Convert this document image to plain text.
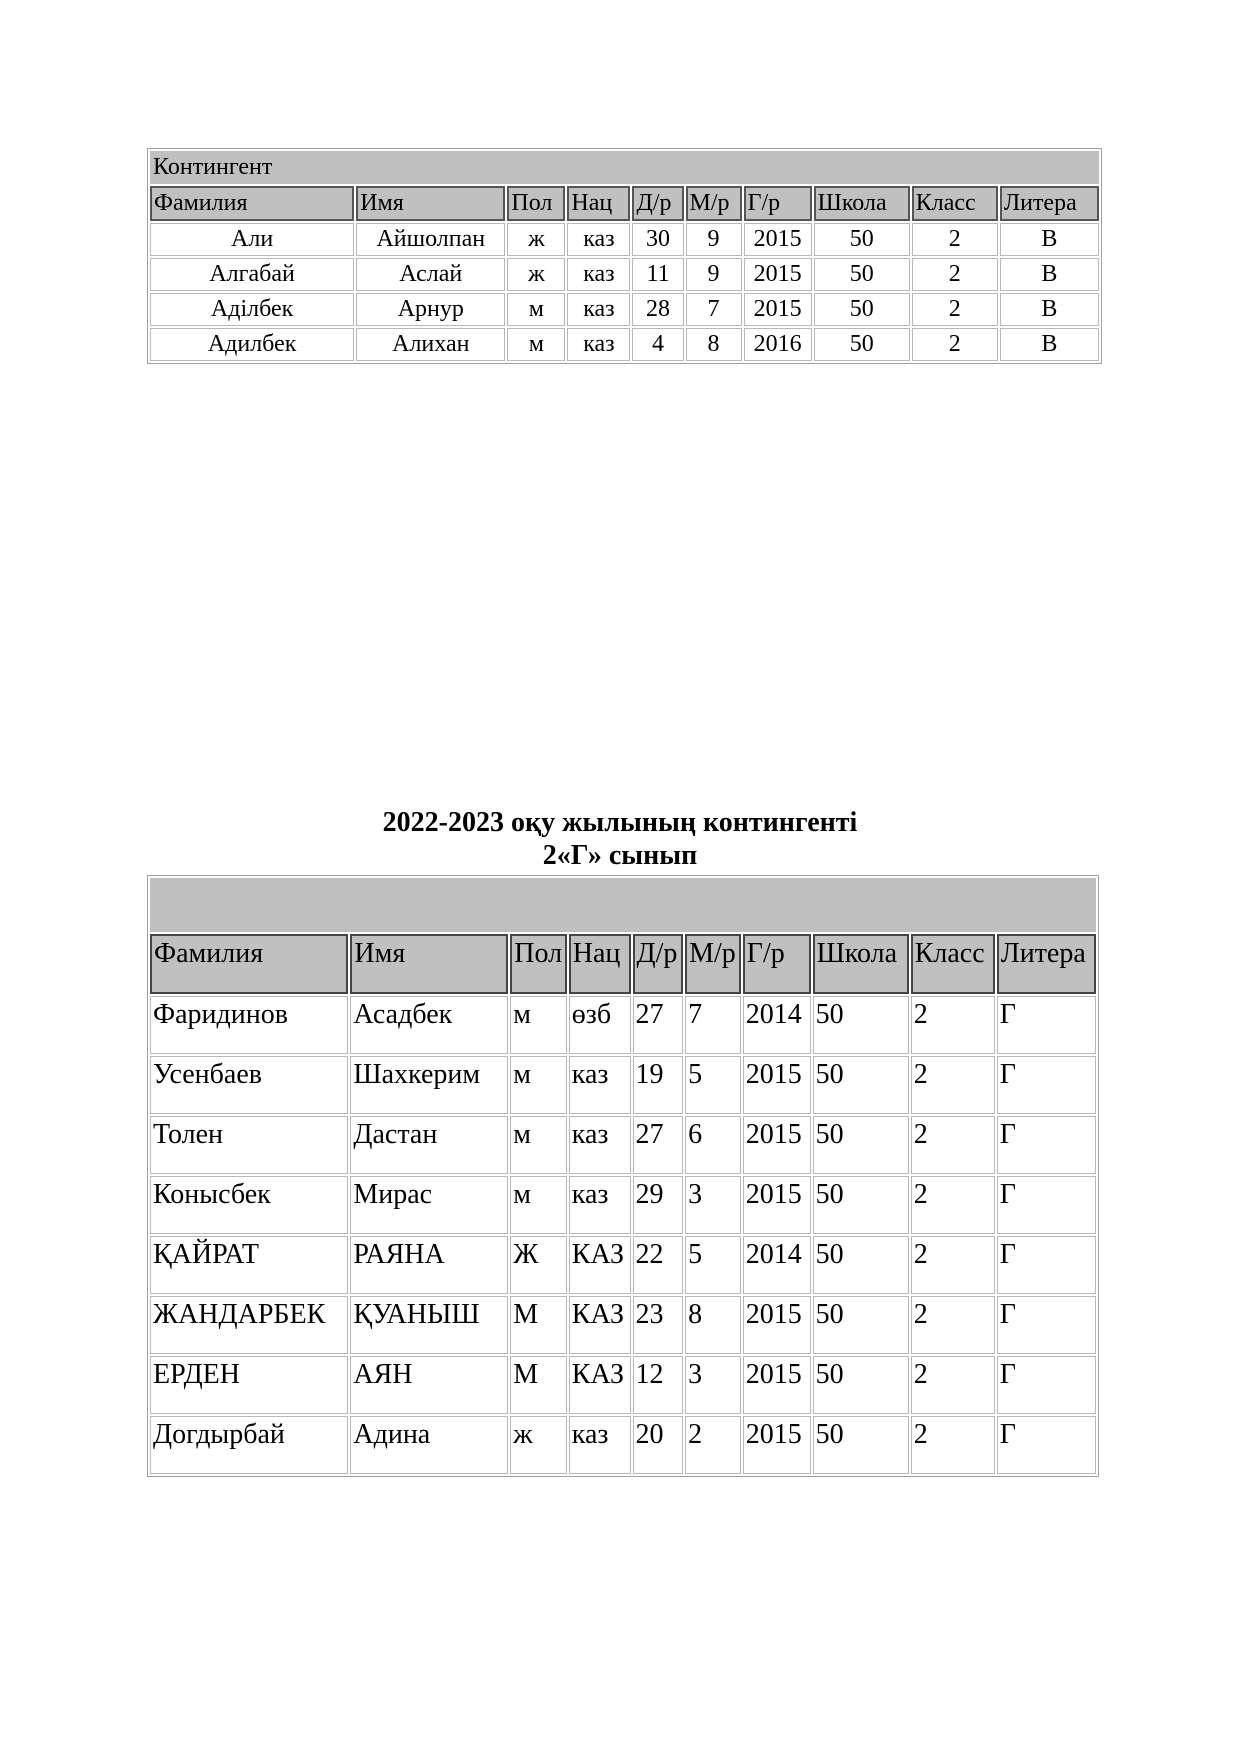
Контингент									
Фамилия	Имя	Пол	Нац	Д/р	М/р	Г/р	Школа	Класс	Литера
Али	Айшолпан	ж	каз	30	9	2015	50	2	В
Алгабай	Аслай	ж	каз	11	9	2015	50	2	В
Адiлбек	Арнур	м	каз	28	7	2015	50	2	В
Адилбек	Алихан	м	каз	4	8	2016	50	2	В
2022-2023 оқу жылының контингенті
2«Г» сынып

Фамилия	Имя	Пол	Нац	Д/р	М/р	Г/р	Школа	Класс	Литера
Фаридинов	Асадбек	м	өзб	27	7	2014	50	2	Г
Усенбаев	Шахкерим	м	каз	19	5	2015	50	2	Г
Толен	Дастан	м	каз	27	6	2015	50	2	Г
Конысбек	Мирас	м	каз	29	3	2015	50	2	Г
ҚАЙРАТ	РАЯНА	Ж	КАЗ	22	5	2014	50	2	Г
ЖАНДАРБЕК	ҚУАНЫШ	М	КАЗ	23	8	2015	50	2	Г
ЕРДЕН	АЯН	М	КАЗ	12	3	2015	50	2	Г
Догдырбай	Адина	ж	каз	20	2	2015	50	2	Г
